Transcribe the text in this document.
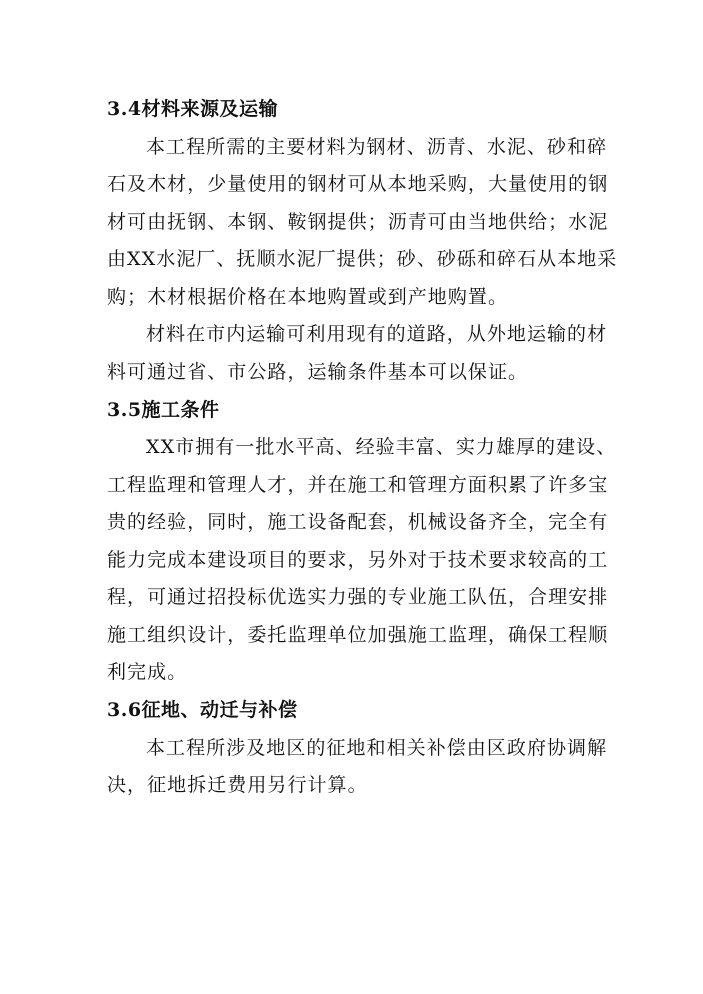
3.4材料来源及运输
本工程所需的主要材料为钢材、沥青、水泥、砂和碎
石及木材，少量使用的钢材可从本地采购，大量使用的钢
材可由抚钢、本钢、鞍钢提供；沥青可由当地供给；水泥
由XX水泥厂、抚顺水泥厂提供；砂、砂砾和碎石从本地采
购；木材根据价格在本地购置或到产地购置。
材料在市内运输可利用现有的道路，从外地运输的材
料可通过省、市公路，运输条件基本可以保证。
3.5施工条件
XX市拥有一批水平高、经验丰富、实力雄厚的建设、
工程监理和管理人才，并在施工和管理方面积累了许多宝
贵的经验，同时，施工设备配套，机械设备齐全，完全有
能力完成本建设项目的要求，另外对于技术要求较高的工
程，可通过招投标优选实力强的专业施工队伍，合理安排
施工组织设计，委托监理单位加强施工监理，确保工程顺
利完成。
3.6征地、动迁与补偿
本工程所涉及地区的征地和相关补偿由区政府协调解
决，征地拆迁费用另行计算。
